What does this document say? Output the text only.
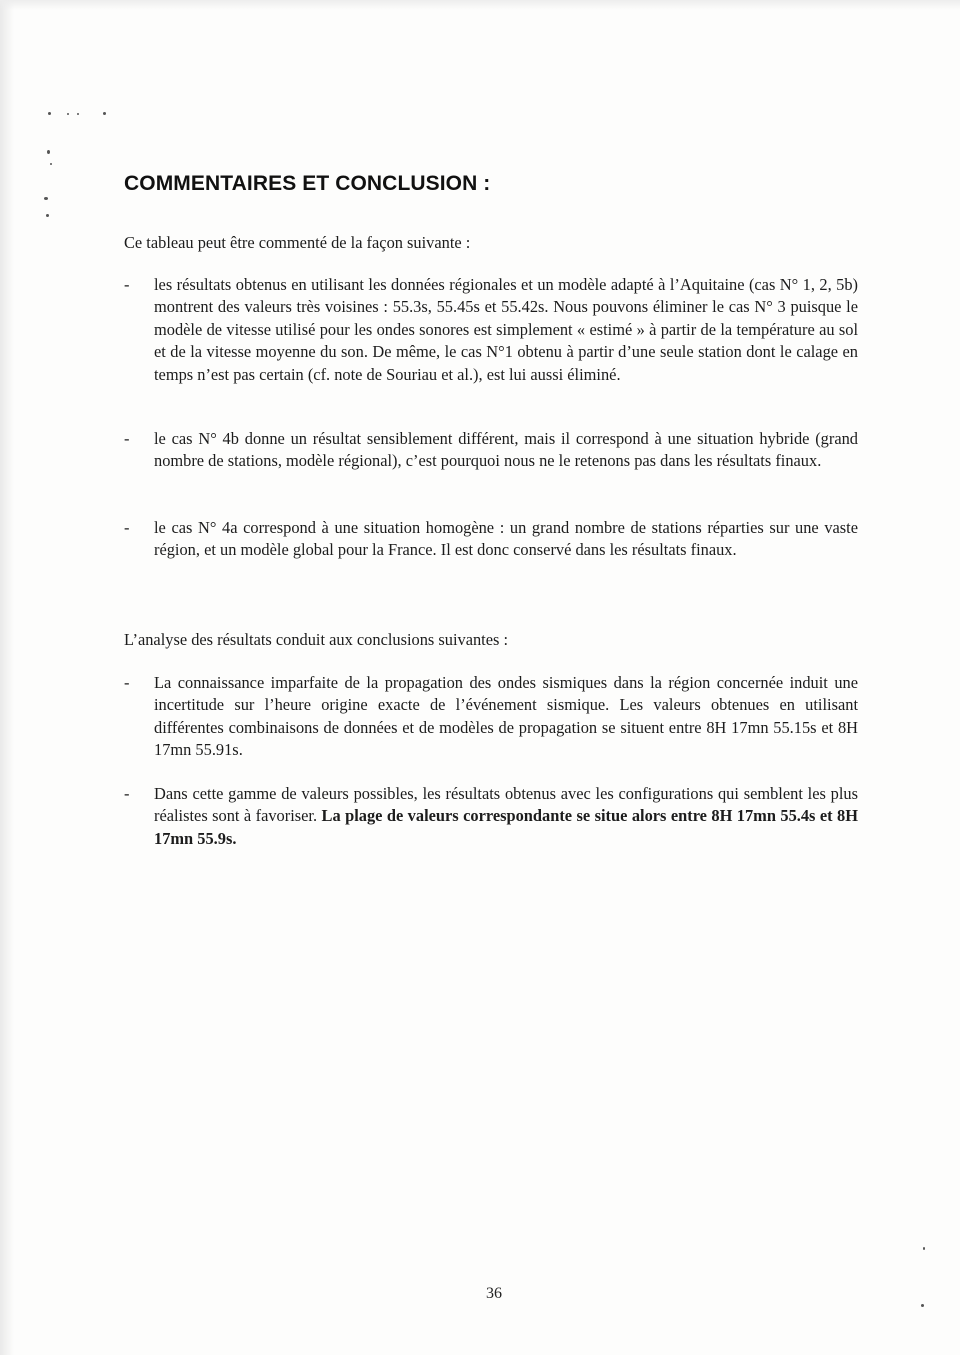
COMMENTAIRES ET CONCLUSION :

Ce tableau peut être commenté de la façon suivante :

- les résultats obtenus en utilisant les données régionales et un modèle adapté à l’Aquitaine (cas N° 1, 2, 5b) montrent des valeurs très voisines : 55.3s, 55.45s et 55.42s. Nous pouvons éliminer le cas N° 3 puisque le modèle de vitesse utilisé pour les ondes sonores est simplement « estimé » à partir de la température au sol et de la vitesse moyenne du son. De même, le cas N°1 obtenu à partir d’une seule station dont le calage en temps n’est pas certain (cf. note de Souriau et al.), est lui aussi éliminé.
- le cas N° 4b donne un résultat sensiblement différent, mais il correspond à une situation hybride (grand nombre de stations, modèle régional), c’est pourquoi nous ne le retenons pas dans les résultats finaux.
- le cas N° 4a correspond à une situation homogène : un grand nombre de stations réparties sur une vaste région, et un modèle global pour la France. Il est donc conservé dans les résultats finaux.

L’analyse des résultats conduit aux conclusions suivantes :

- La connaissance imparfaite de la propagation des ondes sismiques dans la région concernée induit une incertitude sur l’heure origine exacte de l’événement sismique. Les valeurs obtenues en utilisant différentes combinaisons de données et de modèles de propagation se situent entre 8H 17mn 55.15s et 8H 17mn 55.91s.
- Dans cette gamme de valeurs possibles, les résultats obtenus avec les configurations qui semblent les plus réalistes sont à favoriser. La plage de valeurs correspondante se situe alors entre 8H 17mn 55.4s et 8H 17mn 55.9s.
36
